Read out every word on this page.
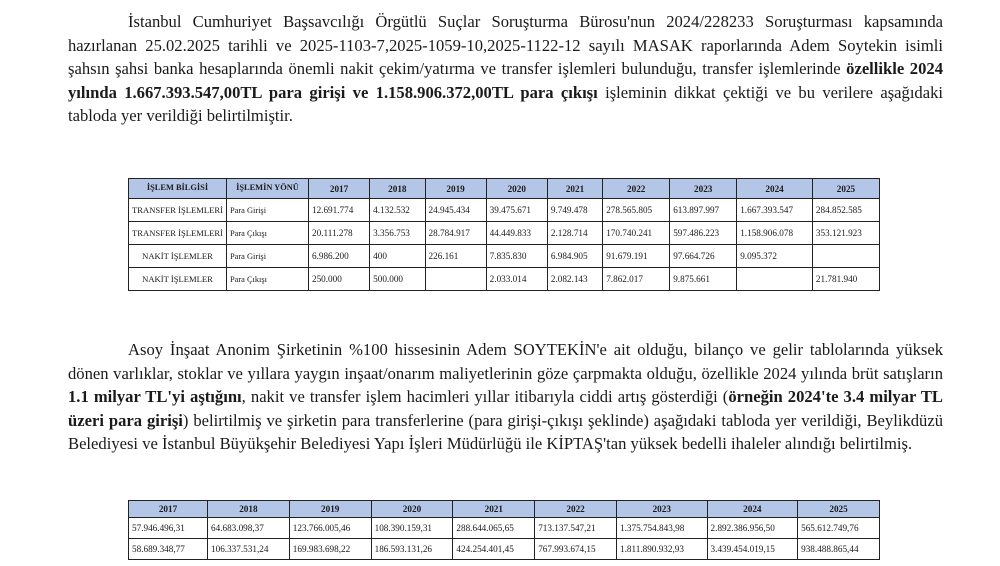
İstanbul Cumhuriyet Başsavcılığı Örgütlü Suçlar Soruşturma Bürosu'nun 2024/228233 Soruşturması kapsamında hazırlanan 25.02.2025 tarihli ve 2025-1103-7,2025-1059-10,2025-1122-12 sayılı MASAK raporlarında Adem Soytekin isimli şahsın şahsi banka hesaplarında önemli nakit çekim/yatırma ve transfer işlemleri bulunduğu, transfer işlemlerinde özellikle 2024 yılında 1.667.393.547,00TL para girişi ve 1.158.906.372,00TL para çıkışı işleminin dikkat çektiği ve bu verilere aşağıdaki tabloda yer verildiği belirtilmiştir.
İŞLEM BİLGİSİ	İŞLEMİN YÖNÜ	2017	2018	2019	2020	2021	2022	2023	2024	2025
TRANSFER İŞLEMLERİ	Para Girişi	12.691.774	4.132.532	24.945.434	39.475.671	9.749.478	278.565.805	613.897.997	1.667.393.547	284.852.585
TRANSFER İŞLEMLERİ	Para Çıkışı	20.111.278	3.356.753	28.784.917	44.449.833	2.128.714	170.740.241	597.486.223	1.158.906.078	353.121.923
NAKİT İŞLEMLER	Para Girişi	6.986.200	400	226.161	7.835.830	6.984.905	91.679.191	97.664.726	9.095.372	
NAKİT İŞLEMLER	Para Çıkışı	250.000	500.000		2.033.014	2.082.143	7.862.017	9.875.661		21.781.940
Asoy İnşaat Anonim Şirketinin %100 hissesinin Adem SOYTEKİN'e ait olduğu, bilanço ve gelir tablolarında yüksek dönen varlıklar, stoklar ve yıllara yaygın inşaat/onarım maliyetlerinin göze çarpmakta olduğu, özellikle 2024 yılında brüt satışların 1.1 milyar TL'yi aştığını, nakit ve transfer işlem hacimleri yıllar itibarıyla ciddi artış gösterdiği (örneğin 2024'te 3.4 milyar TL üzeri para girişi) belirtilmiş ve şirketin para transferlerine (para girişi-çıkışı şeklinde) aşağıdaki tabloda yer verildiği, Beylikdüzü Belediyesi ve İstanbul Büyükşehir Belediyesi Yapı İşleri Müdürlüğü ile KİPTAŞ'tan yüksek bedelli ihaleler alındığı belirtilmiş.
2017	2018	2019	2020	2021	2022	2023	2024	2025
57.946.496,31	64.683.098,37	123.766.005,46	108.390.159,31	288.644.065,65	713.137.547,21	1.375.754.843,98	2.892.386.956,50	565.612.749,76
58.689.348,77	106.337.531,24	169.983.698,22	186.593.131,26	424.254.401,45	767.993.674,15	1.811.890.932,93	3.439.454.019,15	938.488.865,44
